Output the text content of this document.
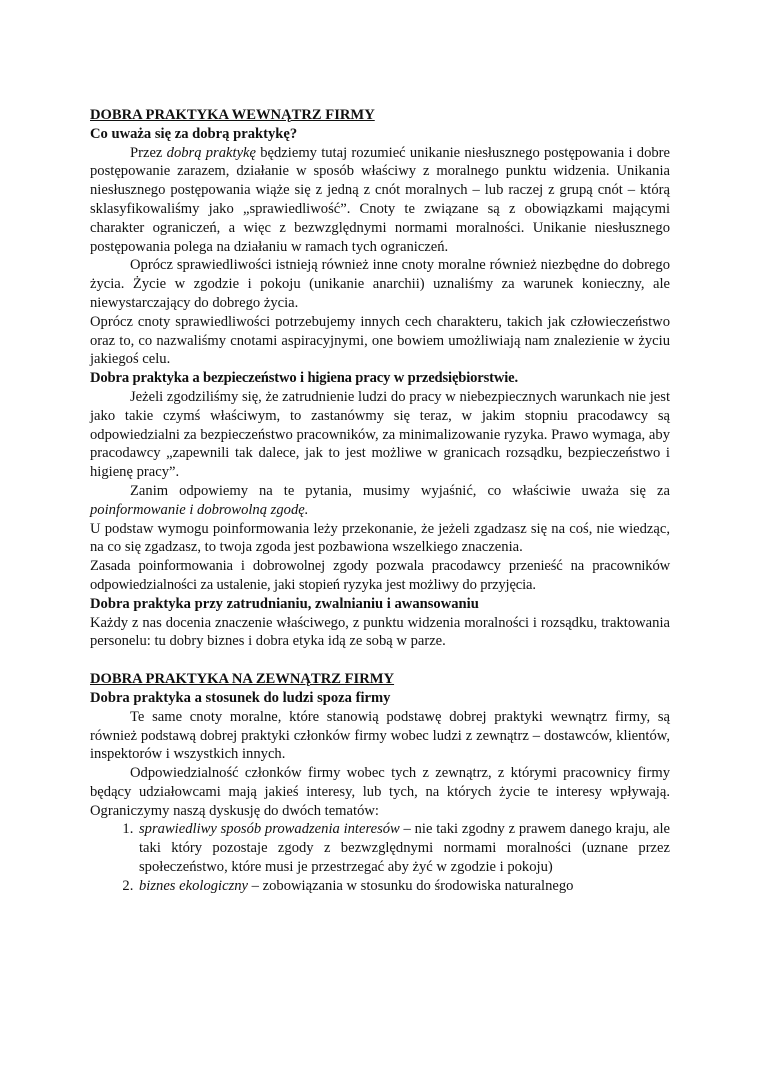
DOBRA PRAKTYKA WEWNĄTRZ FIRMY

Co uważa się za dobrą praktykę?

Przez dobrą praktykę będziemy tutaj rozumieć unikanie niesłusznego postępowania i dobre postępowanie zarazem, działanie w sposób właściwy z moralnego punktu widzenia. Unikania niesłusznego postępowania wiąże się z jedną z cnót moralnych – lub raczej z grupą cnót – którą sklasyfikowaliśmy jako „sprawiedliwość”. Cnoty te związane są z obowiązkami mającymi charakter ograniczeń, a więc z bezwzględnymi normami moralności. Unikanie niesłusznego postępowania polega na działaniu w ramach tych ograniczeń.

Oprócz sprawiedliwości istnieją również inne cnoty moralne również niezbędne do dobrego życia. Życie w zgodzie i pokoju (unikanie anarchii) uznaliśmy za warunek konieczny, ale niewystarczający do dobrego życia.

Oprócz cnoty sprawiedliwości potrzebujemy innych cech charakteru, takich jak człowieczeństwo oraz to, co nazwaliśmy cnotami aspiracyjnymi, one bowiem umożliwiają nam znalezienie w życiu jakiegoś celu.

Dobra praktyka a bezpieczeństwo i higiena pracy w przedsiębiorstwie.

Jeżeli zgodziliśmy się, że zatrudnienie ludzi do pracy w niebezpiecznych warunkach nie jest jako takie czymś właściwym, to zastanówmy się teraz, w jakim stopniu pracodawcy są odpowiedzialni za bezpieczeństwo pracowników, za minimalizowanie ryzyka. Prawo wymaga, aby pracodawcy „zapewnili tak dalece, jak to jest możliwe w granicach rozsądku, bezpieczeństwo i higienę pracy”.

Zanim odpowiemy na te pytania, musimy wyjaśnić, co właściwie uważa się za poinformowanie i dobrowolną zgodę.

U podstaw wymogu poinformowania leży przekonanie, że jeżeli zgadzasz się na coś, nie wiedząc, na co się zgadzasz, to twoja zgoda jest pozbawiona wszelkiego znaczenia.

Zasada poinformowania i dobrowolnej zgody pozwala pracodawcy przenieść na pracowników odpowiedzialności za ustalenie, jaki stopień ryzyka jest możliwy do przyjęcia.

Dobra praktyka przy zatrudnianiu, zwalnianiu i awansowaniu

Każdy z nas docenia znaczenie właściwego, z punktu widzenia moralności i rozsądku, traktowania personelu: tu dobry biznes i dobra etyka idą ze sobą w parze.

DOBRA PRAKTYKA NA ZEWNĄTRZ FIRMY

Dobra praktyka a stosunek do ludzi spoza firmy

Te same cnoty moralne, które stanowią podstawę dobrej praktyki wewnątrz firmy, są również podstawą dobrej praktyki członków firmy wobec ludzi z zewnątrz – dostawców, klientów, inspektorów i wszystkich innych.

Odpowiedzialność członków firmy wobec tych z zewnątrz, z którymi pracownicy firmy będący udziałowcami mają jakieś interesy, lub tych, na których życie te interesy wpływają. Ograniczymy naszą dyskusję do dwóch tematów:

1. sprawiedliwy sposób prowadzenia interesów – nie taki zgodny z prawem danego kraju, ale taki który pozostaje zgody z bezwzględnymi normami moralności (uznane przez społeczeństwo, które musi je przestrzegać aby żyć w zgodzie i pokoju)
2. biznes ekologiczny – zobowiązania w stosunku do środowiska naturalnego
